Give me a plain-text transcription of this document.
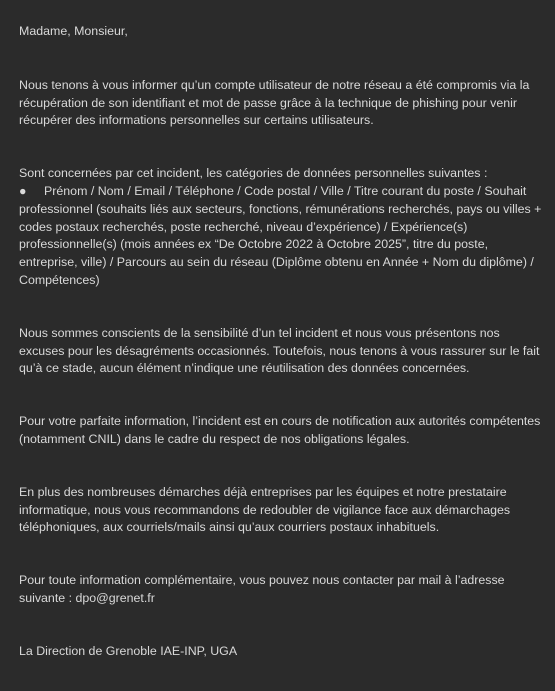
Madame, Monsieur,

Nous tenons à vous informer qu’un compte utilisateur de notre réseau a été compromis via la récupération de son identifiant et mot de passe grâce à la technique de phishing pour venir récupérer des informations personnelles sur certains utilisateurs.

Sont concernées par cet incident, les catégories de données personnelles suivantes :

● Prénom / Nom / Email / Téléphone / Code postal / Ville / Titre courant du poste / Souhait professionnel (souhaits liés aux secteurs, fonctions, rémunérations recherchés, pays ou villes + codes postaux recherchés, poste recherché, niveau d’expérience) / Expérience(s) professionnelle(s) (mois années ex “De Octobre 2022 à Octobre 2025”, titre du poste, entreprise, ville) / Parcours au sein du réseau (Diplôme obtenu en Année + Nom du diplôme) / Compétences)

Nous sommes conscients de la sensibilité d’un tel incident et nous vous présentons nos excuses pour les désagréments occasionnés. Toutefois, nous tenons à vous rassurer sur le fait qu’à ce stade, aucun élément n’indique une réutilisation des données concernées.

Pour votre parfaite information, l’incident est en cours de notification aux autorités compétentes (notamment CNIL) dans le cadre du respect de nos obligations légales.

En plus des nombreuses démarches déjà entreprises par les équipes et notre prestataire informatique, nous vous recommandons de redoubler de vigilance face aux démarchages téléphoniques, aux courriels/mails ainsi qu’aux courriers postaux inhabituels.

Pour toute information complémentaire, vous pouvez nous contacter par mail à l’adresse suivante : dpo@grenet.fr

La Direction de Grenoble IAE-INP, UGA
